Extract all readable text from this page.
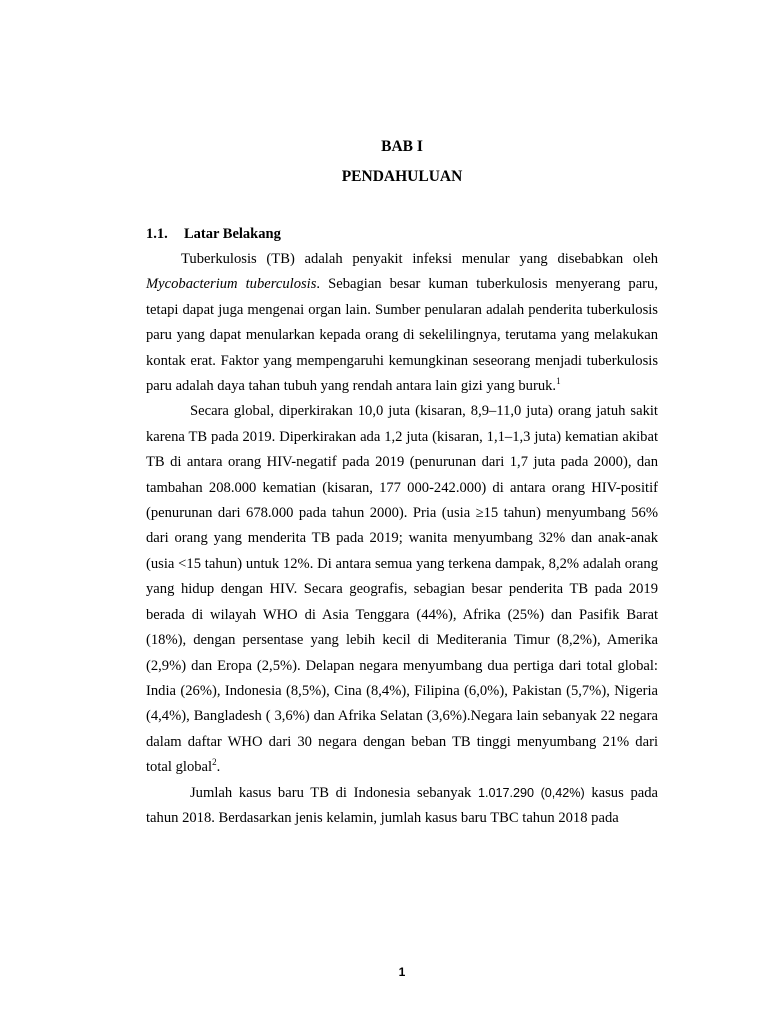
BAB I
PENDAHULUAN
1.1. Latar Belakang

Tuberkulosis (TB) adalah penyakit infeksi menular yang disebabkan oleh Mycobacterium tuberculosis. Sebagian besar kuman tuberkulosis menyerang paru, tetapi dapat juga mengenai organ lain. Sumber penularan adalah penderita tuberkulosis paru yang dapat menularkan kepada orang di sekelilingnya, terutama yang melakukan kontak erat. Faktor yang mempengaruhi kemungkinan seseorang menjadi tuberkulosis paru adalah daya tahan tubuh yang rendah antara lain gizi yang buruk.$^1$

Secara global, diperkirakan 10,0 juta (kisaran, 8,9–11,0 juta) orang jatuh sakit karena TB pada 2019. Diperkirakan ada 1,2 juta (kisaran, 1,1–1,3 juta) kematian akibat TB di antara orang HIV-negatif pada 2019 (penurunan dari 1,7 juta pada 2000), dan tambahan 208.000 kematian (kisaran, 177 000-242.000) di antara orang HIV-positif (penurunan dari 678.000 pada tahun 2000). Pria (usia ≥15 tahun) menyumbang 56% dari orang yang menderita TB pada 2019; wanita menyumbang 32% dan anak-anak (usia <15 tahun) untuk 12%. Di antara semua yang terkena dampak, 8,2% adalah orang yang hidup dengan HIV. Secara geografis, sebagian besar penderita TB pada 2019 berada di wilayah WHO di Asia Tenggara (44%), Afrika (25%) dan Pasifik Barat (18%), dengan persentase yang lebih kecil di Mediterania Timur (8,2%), Amerika (2,9%) dan Eropa (2,5%). Delapan negara menyumbang dua pertiga dari total global: India (26%), Indonesia (8,5%), Cina (8,4%), Filipina (6,0%), Pakistan (5,7%), Nigeria (4,4%), Bangladesh ( 3,6%) dan Afrika Selatan (3,6%).Negara lain sebanyak 22 negara dalam daftar WHO dari 30 negara dengan beban TB tinggi menyumbang 21% dari total global$^2$.

Jumlah kasus baru TB di Indonesia sebanyak 1.017.290 (0,42%) kasus pada tahun 2018. Berdasarkan jenis kelamin, jumlah kasus baru TBC tahun 2018 pada

1
